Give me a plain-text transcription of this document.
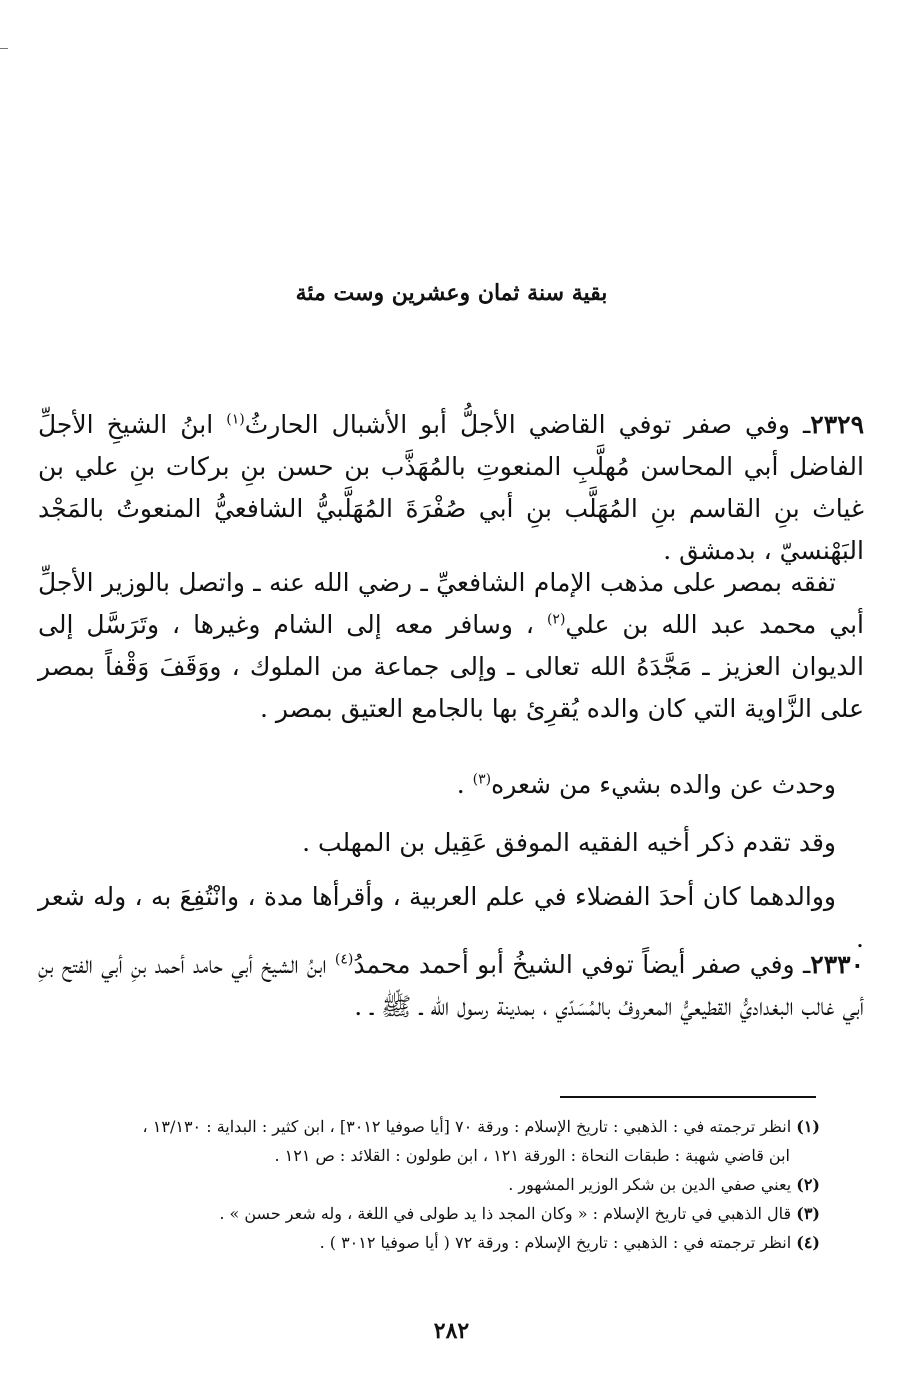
بقية سنة ثمان وعشرين وست مئة
٢٣٢٩ـ وفي صفر توفي القاضي الأجلُّ أبو الأشبال الحارثُ$^{(١)}$ ابنُ الشيخِ الأجلِّ الفاضل أبي المحاسن مُهلَّبِ المنعوتِ بالمُهَذَّب بن حسن بنِ بركات بنِ علي بن غياث بنِ القاسم بنِ المُهَلَّب بنِ أبي صُفْرَةَ المُهَلَّبيُّ الشافعيُّ المنعوتُ بالمَجْد البَهْنسيّ ، بدمشق .
تفقه بمصر على مذهب الإمام الشافعيِّ ـ رضي الله عنه ـ واتصل بالوزير الأجلِّ أبي محمد عبد الله بن علي$^{(٢)}$ ، وسافر معه إلى الشام وغيرها ، وتَرَسَّل إلى الديوان العزيز ـ مَجَّدَهُ الله تعالى ـ وإلى جماعة من الملوك ، ووَقَفَ وَقْفاً بمصر على الزَّاوية التي كان والده يُقرِئ بها بالجامع العتيق بمصر .
وحدث عن والده بشيء من شعره$^{(٣)}$ .
وقد تقدم ذكر أخيه الفقيه الموفق عَقِيل بن المهلب .
ووالدهما كان أحدَ الفضلاء في علم العربية ، وأقرأها مدة ، وانْتُفِعَ به ، وله شعر .
٢٣٣٠ـ وفي صفر أيضاً توفي الشيخُ أبو أحمد محمدُ$^{(٤)}$ ابنُ الشيخ أبي حامد أحمد بنِ أبي الفتح بنِ أبي غالب البغداديُّ القطيعيُّ المعروفُ بالمُسَدّي ، بمدينة رسول الله ـ ﷺ ـ .
(١) انظر ترجمته في : الذهبي : تاريخ الإسلام : ورقة ٧٠ [أيا صوفيا ٣٠١٢] ، ابن كثير : البداية : ١٣/١٣٠ ،
ابن قاضي شهبة : طبقات النحاة : الورقة ١٢١ ، ابن طولون : القلائد : ص ١٢١ .
(٢) يعني صفي الدين بن شكر الوزير المشهور .
(٣) قال الذهبي في تاريخ الإسلام : « وكان المجد ذا يد طولى في اللغة ، وله شعر حسن » .
(٤) انظر ترجمته في : الذهبي : تاريخ الإسلام : ورقة ٧٢ ( أيا صوفيا ٣٠١٢ ) .
٢٨٢
